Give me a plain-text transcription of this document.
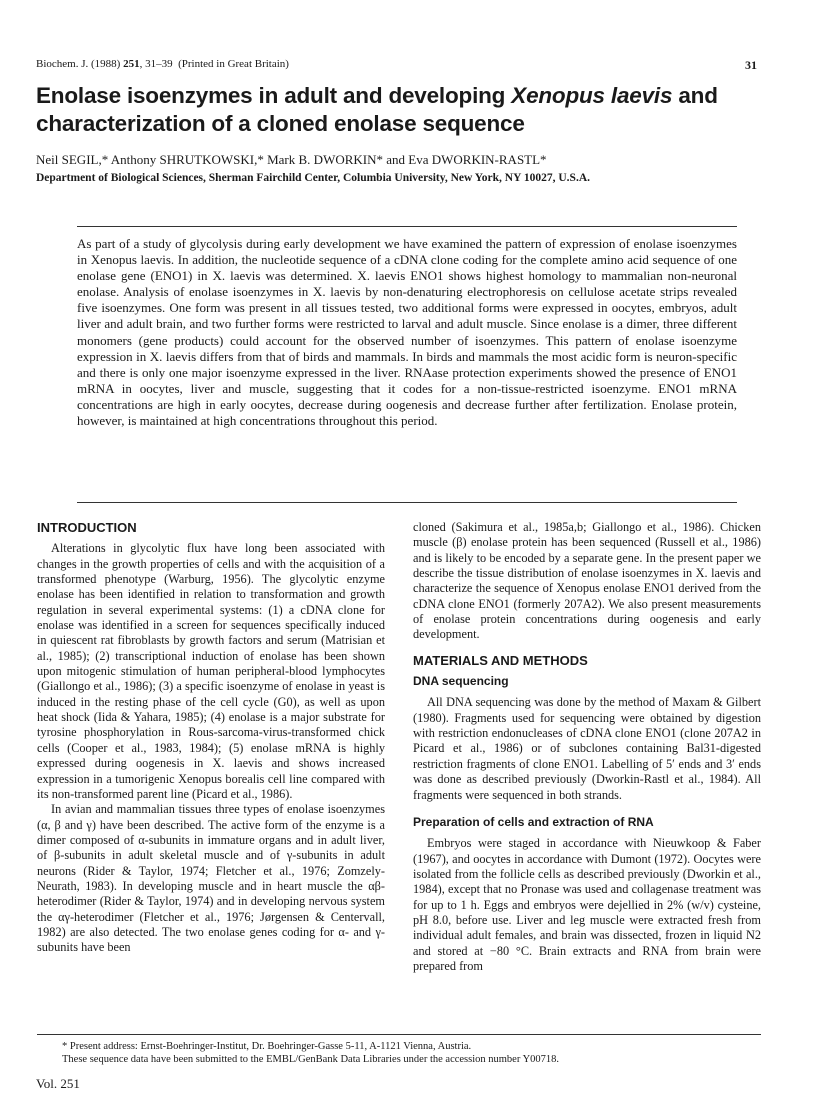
Biochem. J. (1988) 251, 31–39 (Printed in Great Britain)	31
Enolase isoenzymes in adult and developing Xenopus laevis and characterization of a cloned enolase sequence
Neil SEGIL,* Anthony SHRUTKOWSKI,* Mark B. DWORKIN* and Eva DWORKIN-RASTL*
Department of Biological Sciences, Sherman Fairchild Center, Columbia University, New York, NY 10027, U.S.A.

As part of a study of glycolysis during early development we have examined the pattern of expression of enolase isoenzymes in Xenopus laevis. In addition, the nucleotide sequence of a cDNA clone coding for the complete amino acid sequence of one enolase gene (ENO1) in X. laevis was determined. X. laevis ENO1 shows highest homology to mammalian non-neuronal enolase. Analysis of enolase isoenzymes in X. laevis by non-denaturing electrophoresis on cellulose acetate strips revealed five isoenzymes. One form was present in all tissues tested, two additional forms were expressed in oocytes, embryos, adult liver and adult brain, and two further forms were restricted to larval and adult muscle. Since enolase is a dimer, three different monomers (gene products) could account for the observed number of isoenzymes. This pattern of enolase isoenzyme expression in X. laevis differs from that of birds and mammals. In birds and mammals the most acidic form is neuron-specific and there is only one major isoenzyme expressed in the liver. RNAase protection experiments showed the presence of ENO1 mRNA in oocytes, liver and muscle, suggesting that it codes for a non-tissue-restricted isoenzyme. ENO1 mRNA concentrations are high in early oocytes, decrease during oogenesis and decrease further after fertilization. Enolase protein, however, is maintained at high concentrations throughout this period.

INTRODUCTION

Alterations in glycolytic flux have long been associated with changes in the growth properties of cells and with the acquisition of a transformed phenotype (Warburg, 1956). The glycolytic enzyme enolase has been identified in relation to transformation and growth regulation in several experimental systems: (1) a cDNA clone for enolase was identified in a screen for sequences specifically induced in quiescent rat fibroblasts by growth factors and serum (Matrisian et al., 1985); (2) transcriptional induction of enolase has been shown upon mitogenic stimulation of human peripheral-blood lymphocytes (Giallongo et al., 1986); (3) a specific isoenzyme of enolase in yeast is induced in the resting phase of the cell cycle (G0), as well as upon heat shock (Iida & Yahara, 1985); (4) enolase is a major substrate for tyrosine phosphorylation in Rous-sarcoma-virus-transformed chick cells (Cooper et al., 1983, 1984); (5) enolase mRNA is highly expressed during oogenesis in X. laevis and shows increased expression in a tumorigenic Xenopus borealis cell line compared with its non-transformed parent line (Picard et al., 1986).

In avian and mammalian tissues three types of enolase isoenzymes (α, β and γ) have been described. The active form of the enzyme is a dimer composed of α-subunits in immature organs and in adult liver, of β-subunits in adult skeletal muscle and of γ-subunits in adult neurons (Rider & Taylor, 1974; Fletcher et al., 1976; Zomzely-Neurath, 1983). In developing muscle and in heart muscle the αβ-heterodimer (Rider & Taylor, 1974) and in developing nervous system the αγ-heterodimer (Fletcher et al., 1976; Jørgensen & Centervall, 1982) are also detected. The two enolase genes coding for α- and γ-subunits have been

cloned (Sakimura et al., 1985a,b; Giallongo et al., 1986). Chicken muscle (β) enolase protein has been sequenced (Russell et al., 1986) and is likely to be encoded by a separate gene. In the present paper we describe the tissue distribution of enolase isoenzymes in X. laevis and characterize the sequence of Xenopus enolase ENO1 derived from the cDNA clone ENO1 (formerly 207A2). We also present measurements of enolase protein concentrations during oogenesis and early development.

MATERIALS AND METHODS
DNA sequencing

All DNA sequencing was done by the method of Maxam & Gilbert (1980). Fragments used for sequencing were obtained by digestion with restriction endonucleases of cDNA clone ENO1 (clone 207A2 in Picard et al., 1986) or of subclones containing Bal31-digested restriction fragments of clone ENO1. Labelling of 5′ ends and 3′ ends was done as described previously (Dworkin-Rastl et al., 1984). All fragments were sequenced in both strands.

Preparation of cells and extraction of RNA

Embryos were staged in accordance with Nieuwkoop & Faber (1967), and oocytes in accordance with Dumont (1972). Oocytes were isolated from the follicle cells as described previously (Dworkin et al., 1984), except that no Pronase was used and collagenase treatment was for up to 1 h. Eggs and embryos were dejellied in 2% (w/v) cysteine, pH 8.0, before use. Liver and leg muscle were extracted fresh from individual adult females, and brain was dissected, frozen in liquid N2 and stored at −80 °C. Brain extracts and RNA from brain were prepared from

* Present address: Ernst-Boehringer-Institut, Dr. Boehringer-Gasse 5-11, A-1121 Vienna, Austria.
These sequence data have been submitted to the EMBL/GenBank Data Libraries under the accession number Y00718.
Vol. 251
